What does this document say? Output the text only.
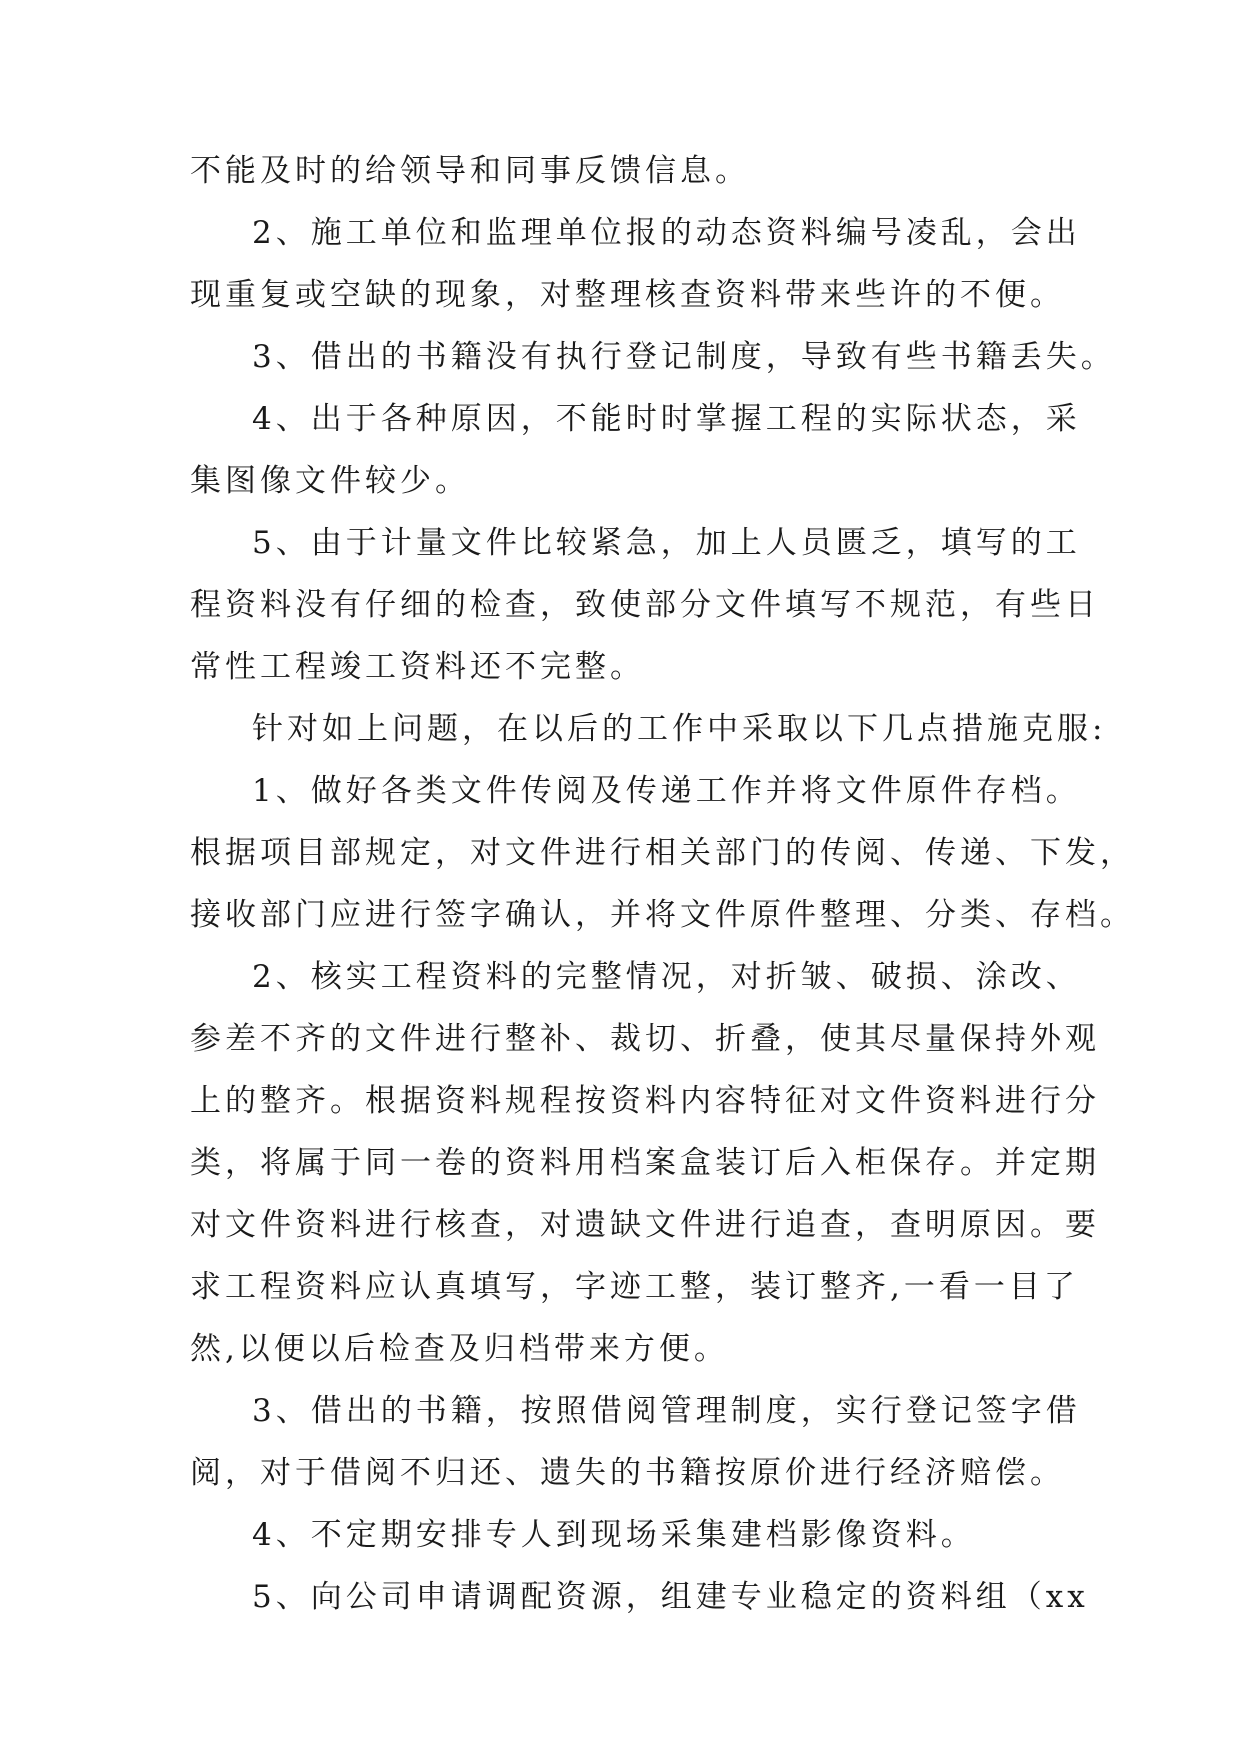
不能及时的给领导和同事反馈信息。
2、施工单位和监理单位报的动态资料编号凌乱，会出
现重复或空缺的现象，对整理核查资料带来些许的不便。
3、借出的书籍没有执行登记制度，导致有些书籍丢失。
4、出于各种原因，不能时时掌握工程的实际状态，采
集图像文件较少。
5、由于计量文件比较紧急，加上人员匮乏，填写的工
程资料没有仔细的检查，致使部分文件填写不规范，有些日
常性工程竣工资料还不完整。
针对如上问题，在以后的工作中采取以下几点措施克服:
1、做好各类文件传阅及传递工作并将文件原件存档。
根据项目部规定，对文件进行相关部门的传阅、传递、下发，
接收部门应进行签字确认，并将文件原件整理、分类、存档。
2、核实工程资料的完整情况，对折皱、破损、涂改、
参差不齐的文件进行整补、裁切、折叠，使其尽量保持外观
上的整齐。根据资料规程按资料内容特征对文件资料进行分
类，将属于同一卷的资料用档案盒装订后入柜保存。并定期
对文件资料进行核查，对遗缺文件进行追查，查明原因。要
求工程资料应认真填写，字迹工整，装订整齐,一看一目了
然,以便以后检查及归档带来方便。
3、借出的书籍，按照借阅管理制度，实行登记签字借
阅，对于借阅不归还、遗失的书籍按原价进行经济赔偿。
4、不定期安排专人到现场采集建档影像资料。
5、向公司申请调配资源，组建专业稳定的资料组（xx
